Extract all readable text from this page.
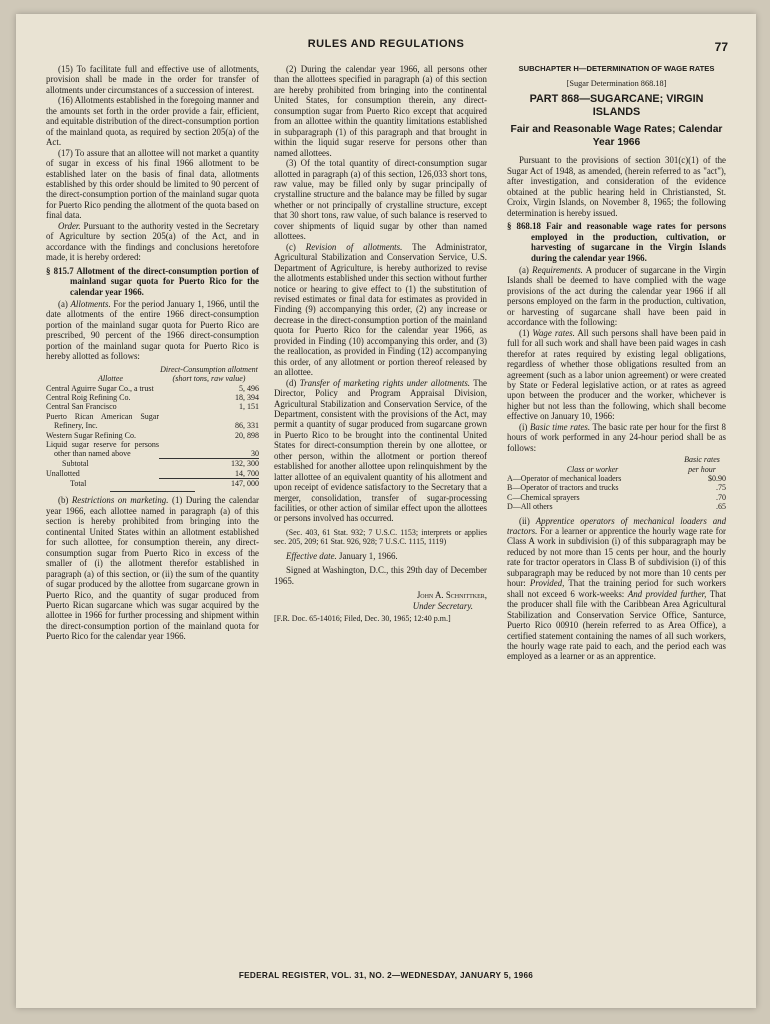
RULES AND REGULATIONS	77

(15) To facilitate full and effective use of allotments, provision shall be made in the order for transfer of allotments under circumstances of a succession of interest.

(16) Allotments established in the foregoing manner and the amounts set forth in the order provide a fair, efficient, and equitable distribution of the direct-consumption portion of the mainland quota, as required by section 205(a) of the Act.

(17) To assure that an allottee will not market a quantity of sugar in excess of his final 1966 allotment to be established later on the basis of final data, allotments established by this order should be limited to 90 percent of the direct-consumption portion of the mainland sugar quota for Puerto Rico pending the allotment of the quota based on final data.

Order. Pursuant to the authority vested in the Secretary of Agriculture by section 205(a) of the Act, and in accordance with the findings and conclusions heretofore made, it is hereby ordered:

§ 815.7 Allotment of the direct-consumption portion of mainland sugar quota for Puerto Rico for the calendar year 1966.

(a) Allotments. For the period January 1, 1966, until the date allotments of the entire 1966 direct-consumption portion of the mainland sugar quota for Puerto Rico are prescribed, 90 percent of the 1966 direct-consumption portion of the mainland sugar quota for Puerto Rico is hereby allotted as follows:

Allottee	Direct-Consumption allotment (short tons, raw value)
Central Aguirre Sugar Co., a trust	5, 496
Central Roig Refining Co.	18, 394
Central San Francisco	1, 151
Puerto Rican American Sugar Refinery, Inc.	86, 331
Western Sugar Refining Co.	20, 898
Liquid sugar reserve for persons other than named above	30

Subtotal	132, 300
Unallotted	14, 700

Total	147, 000

(b) Restrictions on marketing. (1) During the calendar year 1966, each allottee named in paragraph (a) of this section is hereby prohibited from bringing into the continental United States within an allotment established for such allottee, for consumption therein, any direct-consumption sugar from Puerto Rico in excess of the smaller of (i) the allotment therefor established in paragraph (a) of this section, or (ii) the sum of the quantity of sugar produced by the allottee from sugarcane grown in Puerto Rico, and the quantity of sugar produced from Puerto Rican sugarcane which was sugar acquired by the allottee in 1966 for further processing and shipment within the direct-consumption portion of the mainland quota for Puerto Rico for the calendar year 1966.

(2) During the calendar year 1966, all persons other than the allottees specified in paragraph (a) of this section are hereby prohibited from bringing into the continental United States, for consumption therein, any direct-consumption sugar from Puerto Rico except that acquired from an allottee within the quantity limitations established in subparagraph (1) of this paragraph and that brought in within the liquid sugar reserve for persons other than named allottees.

(3) Of the total quantity of direct-consumption sugar allotted in paragraph (a) of this section, 126,033 short tons, raw value, may be filled only by sugar principally of crystalline structure and the balance may be filled by sugar whether or not principally of crystalline structure, except that 30 short tons, raw value, of such balance is reserved to cover shipments of liquid sugar by other than named allottees.

(c) Revision of allotments. The Administrator, Agricultural Stabilization and Conservation Service, U.S. Department of Agriculture, is hereby authorized to revise the allotments established under this section without further notice or hearing to give effect to (1) the substitution of revised estimates or final data for estimates as provided in Finding (9) accompanying this order, (2) any increase or decrease in the direct-consumption portion of the mainland quota for Puerto Rico for the calendar year 1966, as provided in Finding (10) accompanying this order, and (3) the reallocation, as provided in Finding (12) accompanying this order, of any allotment or portion thereof released by an allottee.

(d) Transfer of marketing rights under allotments. The Director, Policy and Program Appraisal Division, Agricultural Stabilization and Conservation Service, of the Department, consistent with the provisions of the Act, may permit a quantity of sugar produced from sugarcane grown in Puerto Rico to be brought into the continental United States for direct-consumption therein by one allottee, or other person, within the allotment or portion thereof established for another allottee upon relinquishment by the latter allottee of an equivalent quantity of his allotment and upon receipt of evidence satisfactory to the Secretary that a merger, consolidation, transfer of sugar-processing facilities, or other action of similar effect upon the allottees or persons involved has occurred.

(Sec. 403, 61 Stat. 932; 7 U.S.C. 1153; interprets or applies sec. 205, 209; 61 Stat. 926, 928; 7 U.S.C. 1115, 1119)

Effective date. January 1, 1966.

Signed at Washington, D.C., this 29th day of December 1965.

John A. Schnittker,

Under Secretary.

[F.R. Doc. 65-14016; Filed, Dec. 30, 1965; 12:40 p.m.]

SUBCHAPTER H—DETERMINATION OF WAGE RATES
[Sugar Determination 868.18]
PART 868—SUGARCANE; VIRGIN ISLANDS
Fair and Reasonable Wage Rates; Calendar Year 1966

Pursuant to the provisions of section 301(c)(1) of the Sugar Act of 1948, as amended, (herein referred to as "act"), after investigation, and consideration of the evidence obtained at the public hearing held in Christiansted, St. Croix, Virgin Islands, on November 8, 1965; the following determination is hereby issued.

§ 868.18 Fair and reasonable wage rates for persons employed in the production, cultivation, or harvesting of sugarcane in the Virgin Islands during the calendar year 1966.

(a) Requirements. A producer of sugarcane in the Virgin Islands shall be deemed to have complied with the wage provisions of the act during the calendar year 1966 if all persons employed on the farm in the production, cultivation, or harvesting of sugarcane shall have been paid in accordance with the following:

(1) Wage rates. All such persons shall have been paid in full for all such work and shall have been paid wages in cash therefor at rates required by existing legal obligations, regardless of whether those obligations resulted from an agreement (such as a labor union agreement) or were created by State or Federal legislative action, or at rates as agreed upon between the producer and the worker, whichever is higher but not less than the following, which shall become effective on January 10, 1966:

(i) Basic time rates. The basic rate per hour for the first 8 hours of work performed in any 24-hour period shall be as follows:

Class or worker	Basic rates per hour
A—Operator of mechanical loaders	$0.90
B—Operator of tractors and trucks	.75
C—Chemical sprayers	.70
D—All others	.65

(ii) Apprentice operators of mechanical loaders and tractors. For a learner or apprentice the hourly wage rate for Class A work in subdivision (i) of this subparagraph may be reduced by not more than 15 cents per hour, and the hourly rate for tractor operators in Class B of subdivision (i) of this subparagraph may be reduced by not more than 10 cents per hour: Provided, That the training period for such workers shall not exceed 6 work-weeks: And provided further, That the producer shall file with the Caribbean Area Agricultural Stabilization and Conservation Service Office, Santurce, Puerto Rico 00910 (herein referred to as Area Office), a certified statement containing the names of all such workers, the hourly wage rate paid to each, and the period each was employed as a learner or as an apprentice.

FEDERAL REGISTER, VOL. 31, NO. 2—WEDNESDAY, JANUARY 5, 1966
